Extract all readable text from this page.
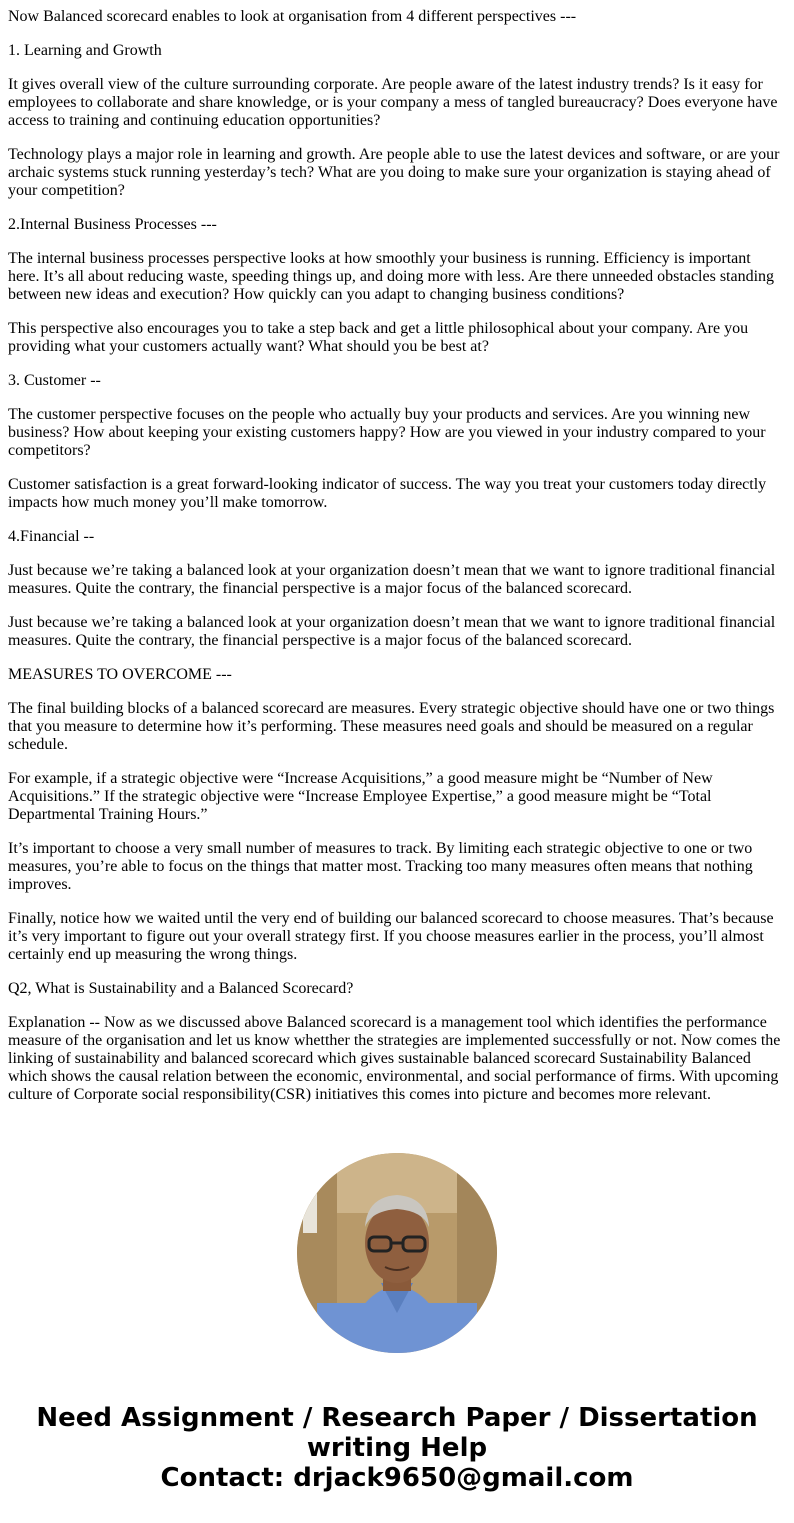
Now Balanced scorecard enables to look at organisation from 4 different perspectives ---

1. Learning and Growth

It gives overall view of the culture surrounding corporate. Are people aware of the latest industry trends? Is it easy for employees to collaborate and share knowledge, or is your company a mess of tangled bureaucracy? Does everyone have access to training and continuing education opportunities?

Technology plays a major role in learning and growth. Are people able to use the latest devices and software, or are your archaic systems stuck running yesterday’s tech? What are you doing to make sure your organization is staying ahead of your competition?

2.Internal Business Processes ---

The internal business processes perspective looks at how smoothly your business is running. Efficiency is important here. It’s all about reducing waste, speeding things up, and doing more with less. Are there unneeded obstacles standing between new ideas and execution? How quickly can you adapt to changing business conditions?

This perspective also encourages you to take a step back and get a little philosophical about your company. Are you providing what your customers actually want? What should you be best at?

3. Customer --

The customer perspective focuses on the people who actually buy your products and services. Are you winning new business? How about keeping your existing customers happy? How are you viewed in your industry compared to your competitors?

Customer satisfaction is a great forward-looking indicator of success. The way you treat your customers today directly impacts how much money you’ll make tomorrow.

4.Financial --

Just because we’re taking a balanced look at your organization doesn’t mean that we want to ignore traditional financial measures. Quite the contrary, the financial perspective is a major focus of the balanced scorecard.

Just because we’re taking a balanced look at your organization doesn’t mean that we want to ignore traditional financial measures. Quite the contrary, the financial perspective is a major focus of the balanced scorecard.

MEASURES TO OVERCOME ---

The final building blocks of a balanced scorecard are measures. Every strategic objective should have one or two things that you measure to determine how it’s performing. These measures need goals and should be measured on a regular schedule.

For example, if a strategic objective were “Increase Acquisitions,” a good measure might be “Number of New Acquisitions.” If the strategic objective were “Increase Employee Expertise,” a good measure might be “Total Departmental Training Hours.”

It’s important to choose a very small number of measures to track. By limiting each strategic objective to one or two measures, you’re able to focus on the things that matter most. Tracking too many measures often means that nothing improves.

Finally, notice how we waited until the very end of building our balanced scorecard to choose measures. That’s because it’s very important to figure out your overall strategy first. If you choose measures earlier in the process, you’ll almost certainly end up measuring the wrong things.

Q2, What is Sustainability and a Balanced Scorecard?

Explanation -- Now as we discussed above Balanced scorecard is a management tool which identifies the performance measure of the organisation and let us know whetther the strategies are implemented successfully or not. Now comes the linking of sustainability and balanced scorecard which gives sustainable balanced scorecard Sustainability Balanced which shows the causal relation between the economic, environmental, and social performance of firms. With upcoming culture of Corporate social responsibility(CSR) initiatives this comes into picture and becomes more relevant.

Need Assignment / Research Paper / Dissertation
writing Help
Contact: drjack9650@gmail.com
